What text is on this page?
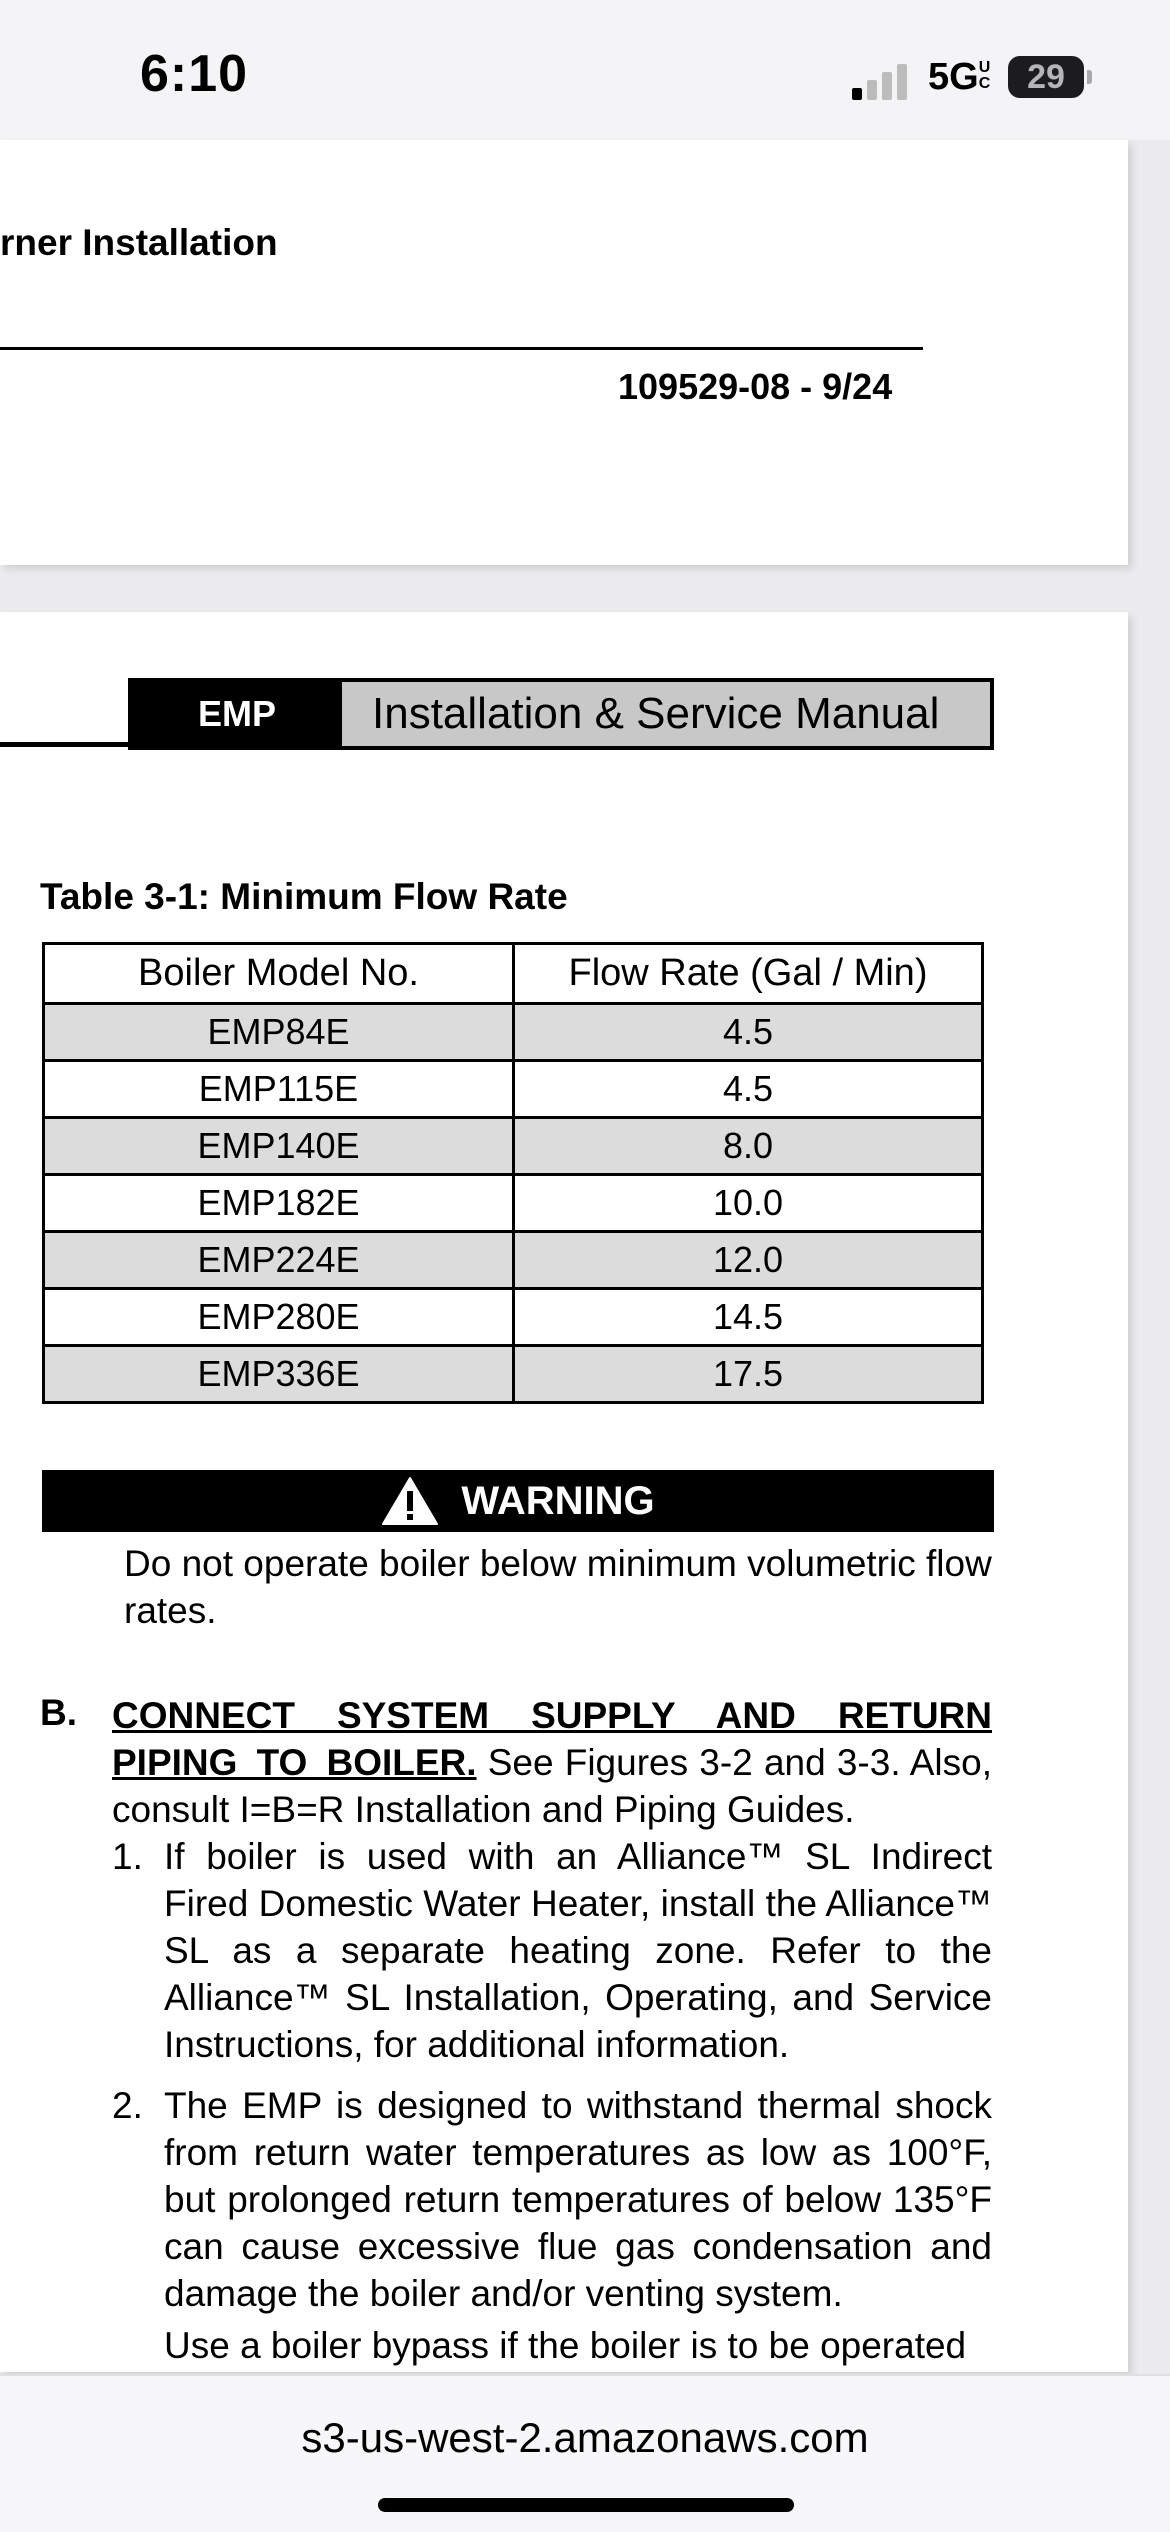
6:10	5GUC	29
rner Installation
109529-08 - 9/24
EMP	Installation & Service Manual
Table 3-1: Minimum Flow Rate
Boiler Model No.	Flow Rate (Gal / Min)
EMP84E	4.5
EMP115E	4.5
EMP140E	8.0
EMP182E	10.0
EMP224E	12.0
EMP280E	14.5
EMP336E	17.5
WARNING
Do not operate boiler below minimum volumetric flow rates.
B. CONNECT SYSTEM SUPPLY AND RETURN PIPING TO BOILER. See Figures 3-2 and 3-3. Also, consult I=B=R Installation and Piping Guides.
1. If boiler is used with an Alliance™ SL Indirect Fired Domestic Water Heater, install the Alliance™ SL as a separate heating zone. Refer to the Alliance™ SL Installation, Operating, and Service Instructions, for additional information.
2. The EMP is designed to withstand thermal shock from return water temperatures as low as 100°F, but prolonged return temperatures of below 135°F can cause excessive flue gas condensation and damage the boiler and/or venting system.
Use a boiler bypass if the boiler is to be operated
s3-us-west-2.amazonaws.com
